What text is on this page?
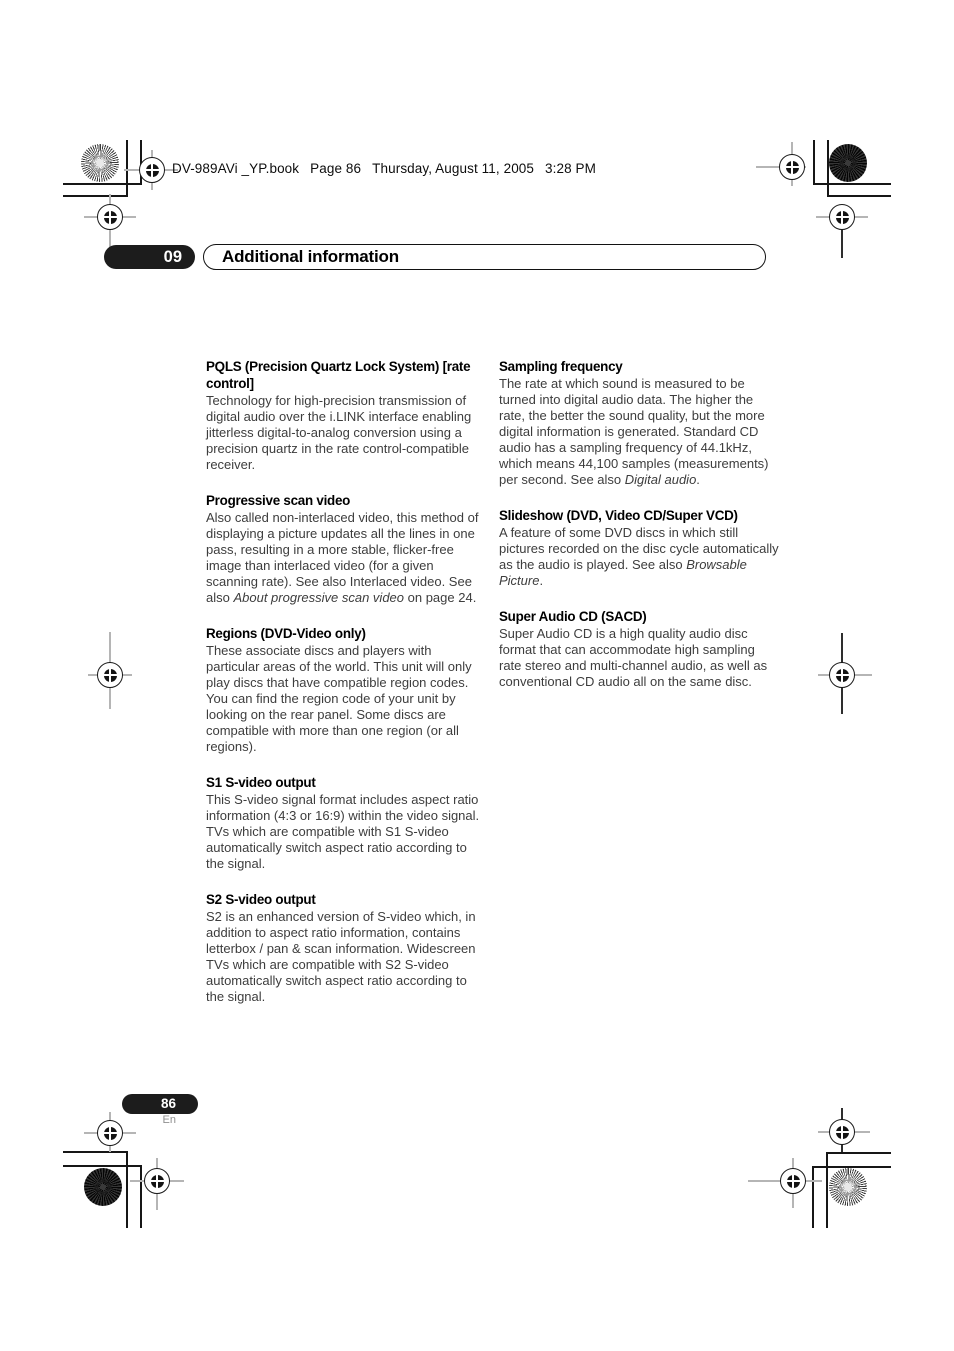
DV-989AVi _YP.book Page 86 Thursday, August 11, 2005 3:28 PM
09	Additional information
PQLS (Precision Quartz Lock System) [rate control]

Technology for high-precision transmission of digital audio over the i.LINK interface enabling jitterless digital-to-analog conversion using a precision quartz in the rate control-compatible receiver.

Progressive scan video

Also called non-interlaced video, this method of displaying a picture updates all the lines in one pass, resulting in a more stable, flicker-free image than interlaced video (for a given scanning rate). See also Interlaced video. See also About progressive scan video on page 24.

Regions (DVD-Video only)

These associate discs and players with particular areas of the world. This unit will only play discs that have compatible region codes. You can find the region code of your unit by looking on the rear panel. Some discs are compatible with more than one region (or all regions).

S1 S-video output

This S-video signal format includes aspect ratio information (4:3 or 16:9) within the video signal. TVs which are compatible with S1 S-video automatically switch aspect ratio according to the signal.

S2 S-video output

S2 is an enhanced version of S-video which, in addition to aspect ratio information, contains letterbox / pan & scan information. Widescreen TVs which are compatible with S2 S-video automatically switch aspect ratio according to the signal.

Sampling frequency

The rate at which sound is measured to be turned into digital audio data. The higher the rate, the better the sound quality, but the more digital information is generated. Standard CD audio has a sampling frequency of 44.1kHz, which means 44,100 samples (measurements) per second. See also Digital audio.

Slideshow (DVD, Video CD/Super VCD)

A feature of some DVD discs in which still pictures recorded on the disc cycle automatically as the audio is played. See also Browsable Picture.

Super Audio CD (SACD)

Super Audio CD is a high quality audio disc format that can accommodate high sampling rate stereo and multi-channel audio, as well as conventional CD audio all on the same disc.

86
En
